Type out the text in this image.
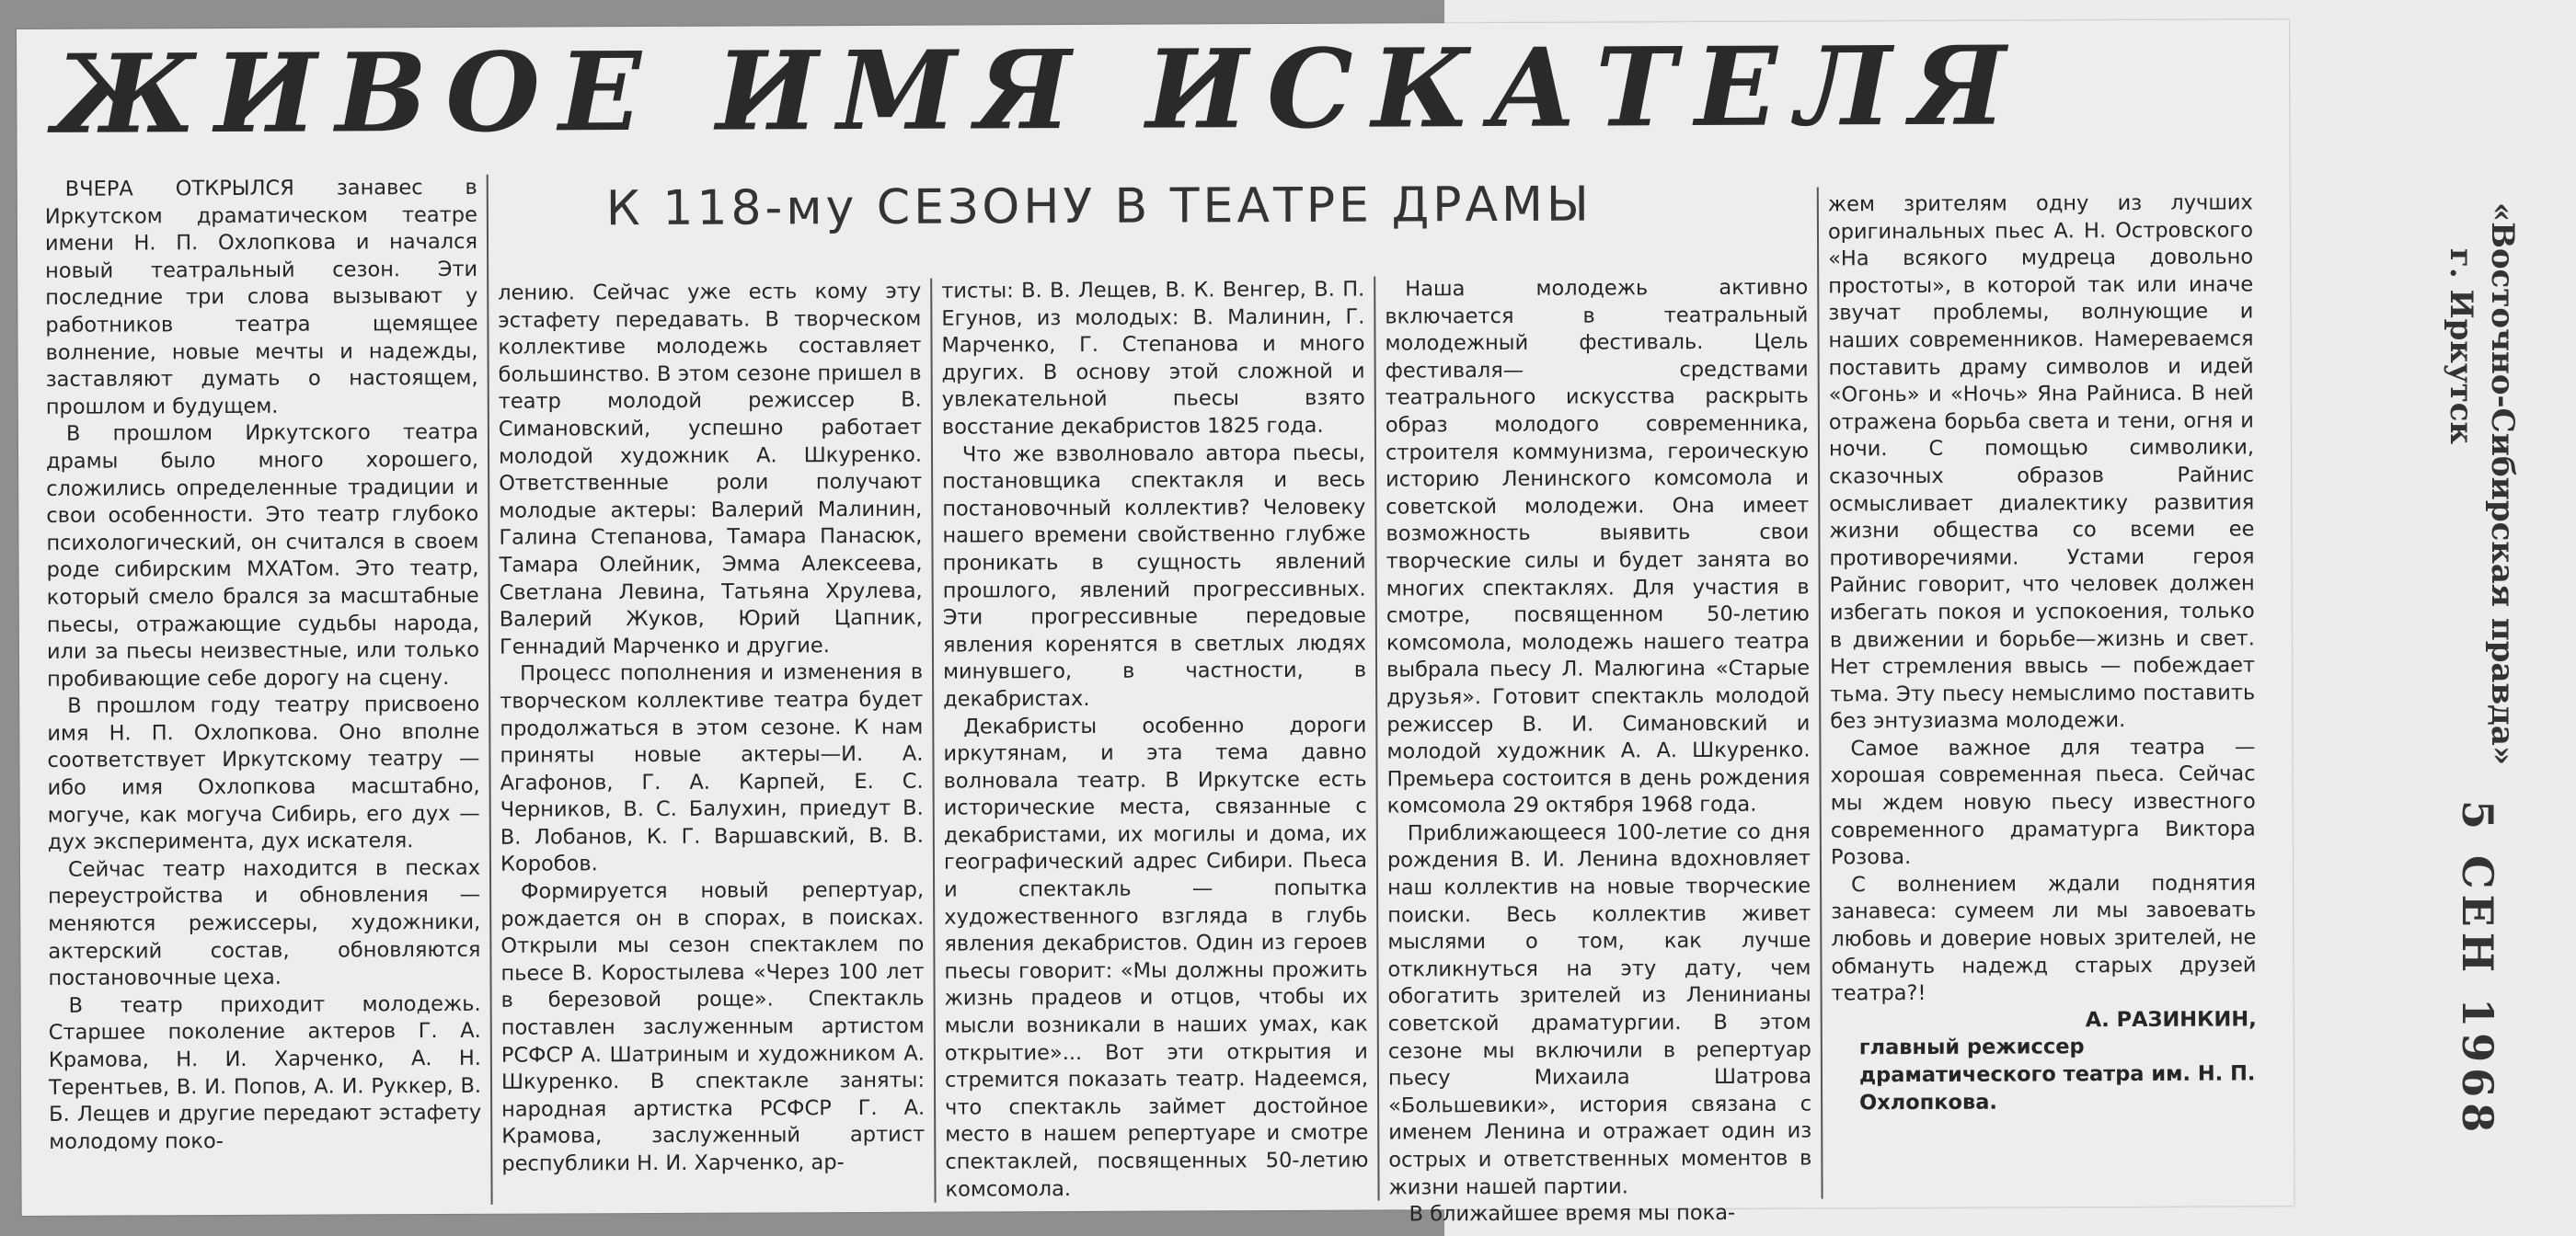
ЖИВОЕ ИМЯ ИСКАТЕЛЯ
К 118-му СЕЗОНУ В ТЕАТРЕ ДРАМЫ

ВЧЕРА ОТКРЫЛСЯ занавес в Иркутском драматическом театре имени Н. П. Охлопкова и начался новый театральный сезон. Эти последние три слова вызывают у работников театра щемящее волнение, новые мечты и надежды, заставляют думать о настоящем, прошлом и будущем.

В прошлом Иркутского театра драмы было много хорошего, сложились определенные традиции и свои особенности. Это театр глубоко психологический, он считался в своем роде сибирским МХАТом. Это театр, который смело брался за масштабные пьесы, отражающие судьбы народа, или за пьесы неизвестные, или только пробивающие себе дорогу на сцену.

В прошлом году театру присвоено имя Н. П. Охлопкова. Оно вполне соответствует Иркутскому театру — ибо имя Охлопкова масштабно, могуче, как могуча Сибирь, его дух — дух эксперимента, дух искателя.

Сейчас театр находится в песках переустройства и обновления — меняются режиссеры, художники, актерский состав, обновляются постановочные цеха.

В театр приходит молодежь. Старшее поколение актеров Г. А. Крамова, Н. И. Харченко, А. Н. Терентьев, В. И. Попов, А. И. Руккер, В. Б. Лещев и другие передают эстафету молодому поко-

лению. Сейчас уже есть кому эту эстафету передавать. В творческом коллективе молодежь составляет большинство. В этом сезоне пришел в театр молодой режиссер В. Симановский, успешно работает молодой художник А. Шкуренко. Ответственные роли получают молодые актеры: Валерий Малинин, Галина Степанова, Тамара Панасюк, Тамара Олейник, Эмма Алексеева, Светлана Левина, Татьяна Хрулева, Валерий Жуков, Юрий Цапник, Геннадий Марченко и другие.

Процесс пополнения и изменения в творческом коллективе театра будет продолжаться в этом сезоне. К нам приняты новые актеры—И. А. Агафонов, Г. А. Карпей, Е. С. Черников, В. С. Балухин, приедут В. В. Лобанов, К. Г. Варшавский, В. В. Коробов.

Формируется новый репертуар, рождается он в спорах, в поисках. Открыли мы сезон спектаклем по пьесе В. Коростылева «Через 100 лет в березовой роще». Спектакль поставлен заслуженным артистом РСФСР А. Шатриным и художником А. Шкуренко. В спектакле заняты: народная артистка РСФСР Г. А. Крамова, заслуженный артист республики Н. И. Харченко, ар-

тисты: В. В. Лещев, В. К. Венгер, В. П. Егунов, из молодых: В. Малинин, Г. Марченко, Г. Степанова и много других. В основу этой сложной и увлекательной пьесы взято восстание декабристов 1825 года.

Что же взволновало автора пьесы, постановщика спектакля и весь постановочный коллектив? Человеку нашего времени свойственно глубже проникать в сущность явлений прошлого, явлений прогрессивных. Эти прогрессивные передовые явления коренятся в светлых людях минувшего, в частности, в декабристах.

Декабристы особенно дороги иркутянам, и эта тема давно волновала театр. В Иркутске есть исторические места, связанные с декабристами, их могилы и дома, их географический адрес Сибири. Пьеса и спектакль — попытка художественного взгляда в глубь явления декабристов. Один из героев пьесы говорит: «Мы должны прожить жизнь прадеов и отцов, чтобы их мысли возникали в наших умах, как открытие»... Вот эти открытия и стремится показать театр. Надеемся, что спектакль займет достойное место в нашем репертуаре и смотре спектаклей, посвященных 50-летию комсомола.

Наша молодежь активно включается в театральный молодежный фестиваль. Цель фестиваля— средствами театрального искусства раскрыть образ молодого современника, строителя коммунизма, героическую историю Ленинского комсомола и советской молодежи. Она имеет возможность выявить свои творческие силы и будет занята во многих спектаклях. Для участия в смотре, посвященном 50-летию комсомола, молодежь нашего театра выбрала пьесу Л. Малюгина «Старые друзья». Готовит спектакль молодой режиссер В. И. Симановский и молодой художник А. А. Шкуренко. Премьера состоится в день рождения комсомола 29 октября 1968 года.

Приближающееся 100-летие со дня рождения В. И. Ленина вдохновляет наш коллектив на новые творческие поиски. Весь коллектив живет мыслями о том, как лучше откликнуться на эту дату, чем обогатить зрителей из Ленинианы советской драматургии. В этом сезоне мы включили в репертуар пьесу Михаила Шатрова «Большевики», история связана с именем Ленина и отражает один из острых и ответственных моментов в жизни нашей партии.

В ближайшее время мы пока-

жем зрителям одну из лучших оригинальных пьес А. Н. Островского «На всякого мудреца довольно простоты», в которой так или иначе звучат проблемы, волнующие и наших современников. Намереваемся поставить драму символов и идей «Огонь» и «Ночь» Яна Райниса. В ней отражена борьба света и тени, огня и ночи. С помощью символики, сказочных образов Райнис осмысливает диалектику развития жизни общества со всеми ее противоречиями. Устами героя Райнис говорит, что человек должен избегать покоя и успокоения, только в движении и борьбе—жизнь и свет. Нет стремления ввысь — побеждает тьма. Эту пьесу немыслимо поставить без энтузиазма молодежи.

Самое важное для театра — хорошая современная пьеса. Сейчас мы ждем новую пьесу известного современного драматурга Виктора Розова.

С волнением ждали поднятия занавеса: сумеем ли мы завоевать любовь и доверие новых зрителей, не обмануть надежд старых друзей театра?!

А. РАЗИНКИН,

главный режиссер драматического театра им. Н. П. Охлопкова.

«Восточно-Сибирская правда»
г. Иркутск
5 СЕН 1968
